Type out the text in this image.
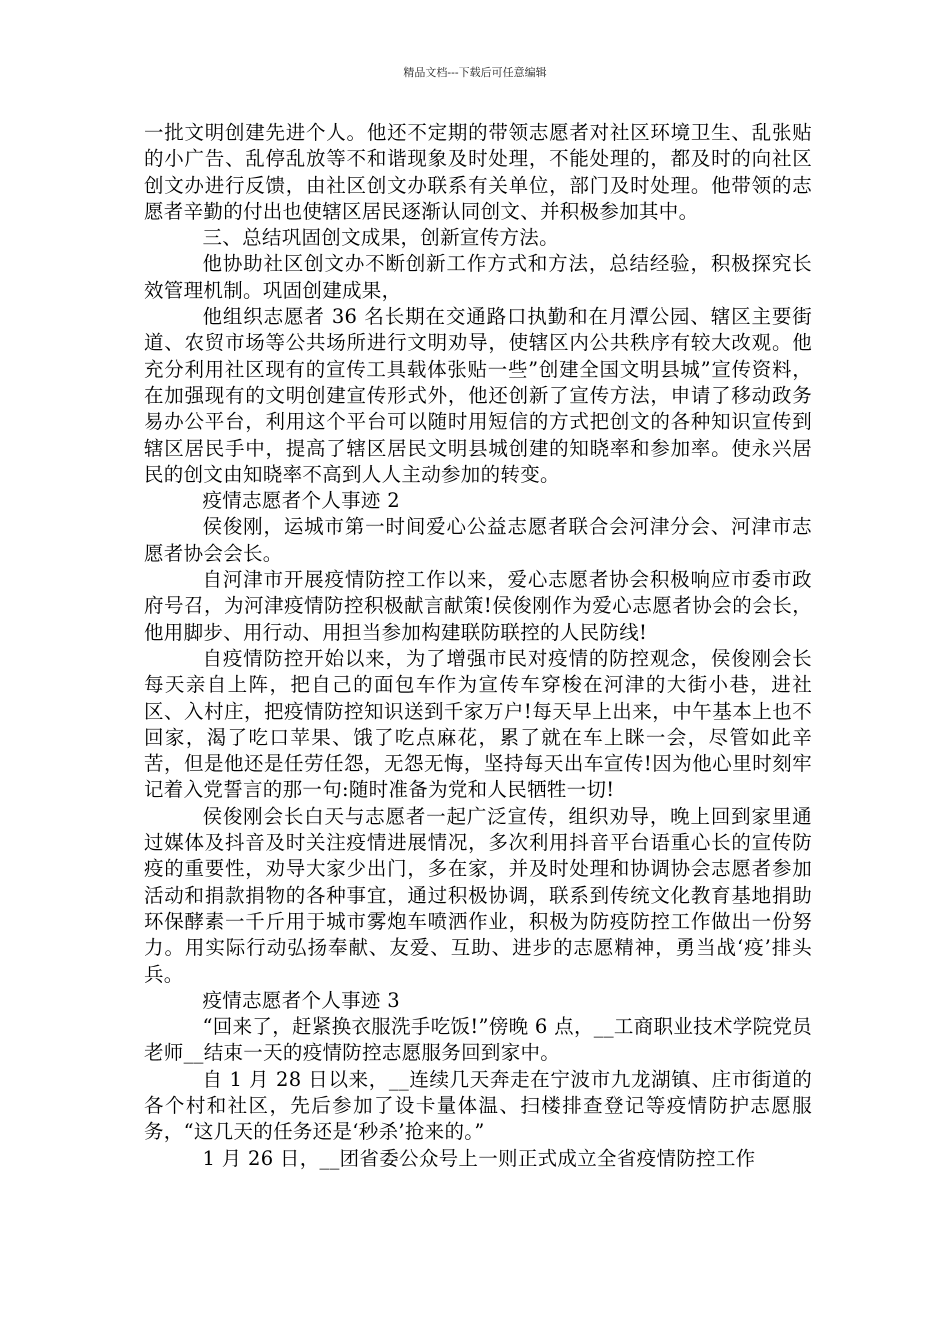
精品文档---下载后可任意编辑

一批文明创建先进个人。他还不定期的带领志愿者对社区环境卫生、乱张贴的小广告、乱停乱放等不和谐现象及时处理，不能处理的，都及时的向社区创文办进行反馈，由社区创文办联系有关单位，部门及时处理。他带领的志愿者辛勤的付出也使辖区居民逐渐认同创文、并积极参加其中。

三、总结巩固创文成果，创新宣传方法。

他协助社区创文办不断创新工作方式和方法，总结经验，积极探究长效管理机制。巩固创建成果，

他组织志愿者 36 名长期在交通路口执勤和在月潭公园、辖区主要街道、农贸市场等公共场所进行文明劝导，使辖区内公共秩序有较大改观。他充分利用社区现有的宣传工具载体张贴一些”创建全国文明县城”宣传资料，在加强现有的文明创建宣传形式外，他还创新了宣传方法，申请了移动政务易办公平台，利用这个平台可以随时用短信的方式把创文的各种知识宣传到辖区居民手中，提高了辖区居民文明县城创建的知晓率和参加率。使永兴居民的创文由知晓率不高到人人主动参加的转变。

疫情志愿者个人事迹 2

侯俊刚，运城市第一时间爱心公益志愿者联合会河津分会、河津市志愿者协会会长。

自河津市开展疫情防控工作以来，爱心志愿者协会积极响应市委市政府号召，为河津疫情防控积极献言献策!侯俊刚作为爱心志愿者协会的会长，他用脚步、用行动、用担当参加构建联防联控的人民防线!

自疫情防控开始以来，为了增强市民对疫情的防控观念，侯俊刚会长每天亲自上阵，把自己的面包车作为宣传车穿梭在河津的大街小巷，进社区、入村庄，把疫情防控知识送到千家万户!每天早上出来，中午基本上也不回家，渴了吃口苹果、饿了吃点麻花，累了就在车上眯一会，尽管如此辛苦，但是他还是任劳任怨，无怨无悔，坚持每天出车宣传!因为他心里时刻牢记着入党誓言的那一句:随时准备为党和人民牺牲一切!

侯俊刚会长白天与志愿者一起广泛宣传，组织劝导，晚上回到家里通过媒体及抖音及时关注疫情进展情况，多次利用抖音平台语重心长的宣传防疫的重要性，劝导大家少出门，多在家，并及时处理和协调协会志愿者参加活动和捐款捐物的各种事宜，通过积极协调，联系到传统文化教育基地捐助环保酵素一千斤用于城市雾炮车喷洒作业，积极为防疫防控工作做出一份努力。用实际行动弘扬奉献、友爱、互助、进步的志愿精神，勇当战‘疫’排头兵。

疫情志愿者个人事迹 3

“回来了，赶紧换衣服洗手吃饭!”傍晚 6 点，__工商职业技术学院党员老师__结束一天的疫情防控志愿服务回到家中。

自 1 月 28 日以来，__连续几天奔走在宁波市九龙湖镇、庄市街道的各个村和社区，先后参加了设卡量体温、扫楼排查登记等疫情防护志愿服务，“这几天的任务还是‘秒杀’抢来的。”

1 月 26 日，__团省委公众号上一则正式成立全省疫情防控工作
